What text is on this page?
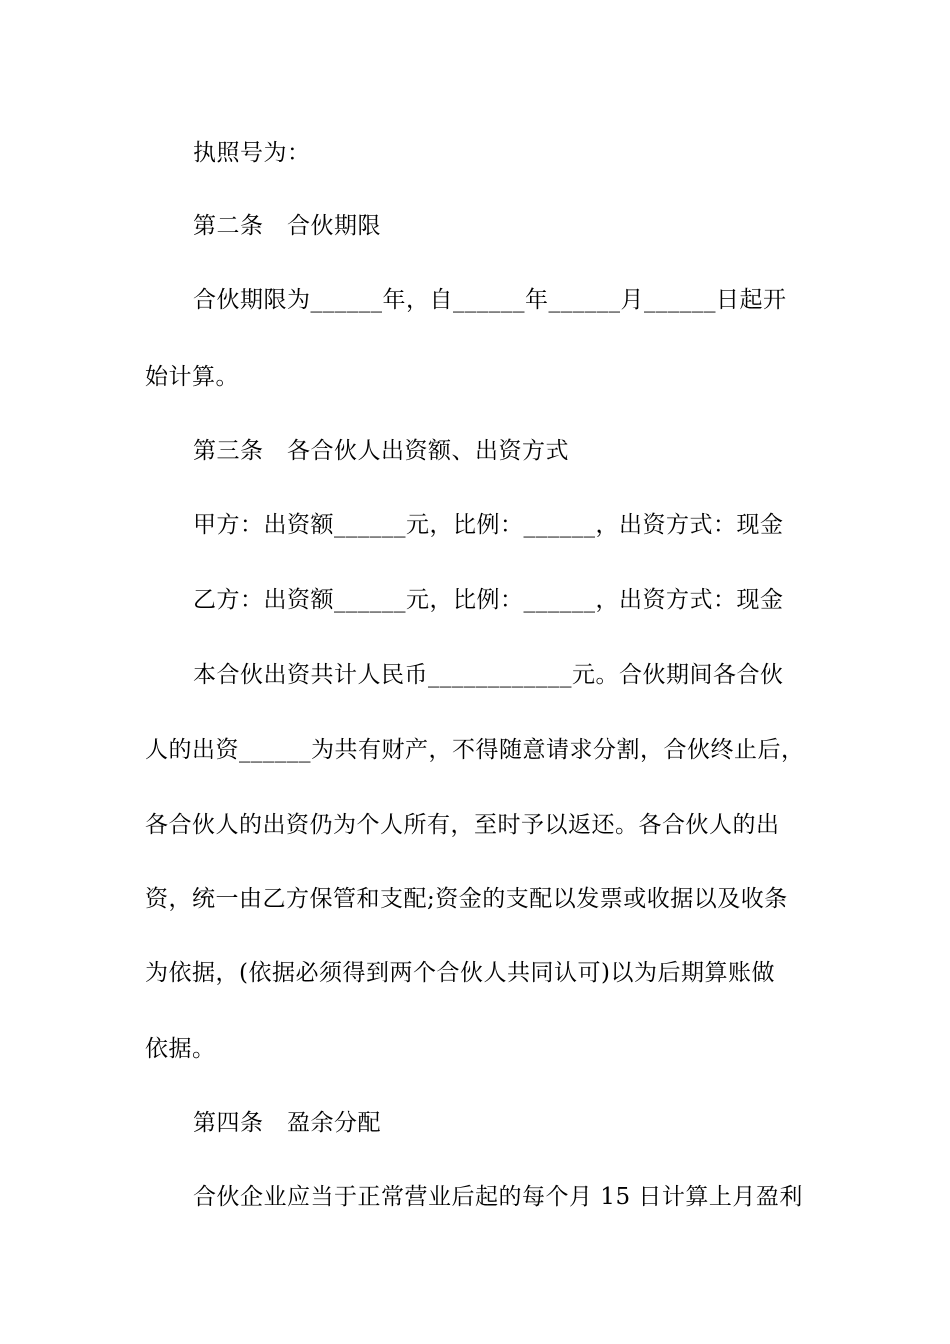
执照号为：
第二条　合伙期限
合伙期限为______年，自______年______月______日起开
始计算。
第三条　各合伙人出资额、出资方式
甲方：出资额______元，比例：______，出资方式：现金
乙方：出资额______元，比例：______，出资方式：现金
本合伙出资共计人民币____________元。合伙期间各合伙
人的出资______为共有财产，不得随意请求分割，合伙终止后，
各合伙人的出资仍为个人所有，至时予以返还。各合伙人的出
资，统一由乙方保管和支配;资金的支配以发票或收据以及收条
为依据，(依据必须得到两个合伙人共同认可)以为后期算账做
依据。
第四条　盈余分配
合伙企业应当于正常营业后起的每个月 15 日计算上月盈利
